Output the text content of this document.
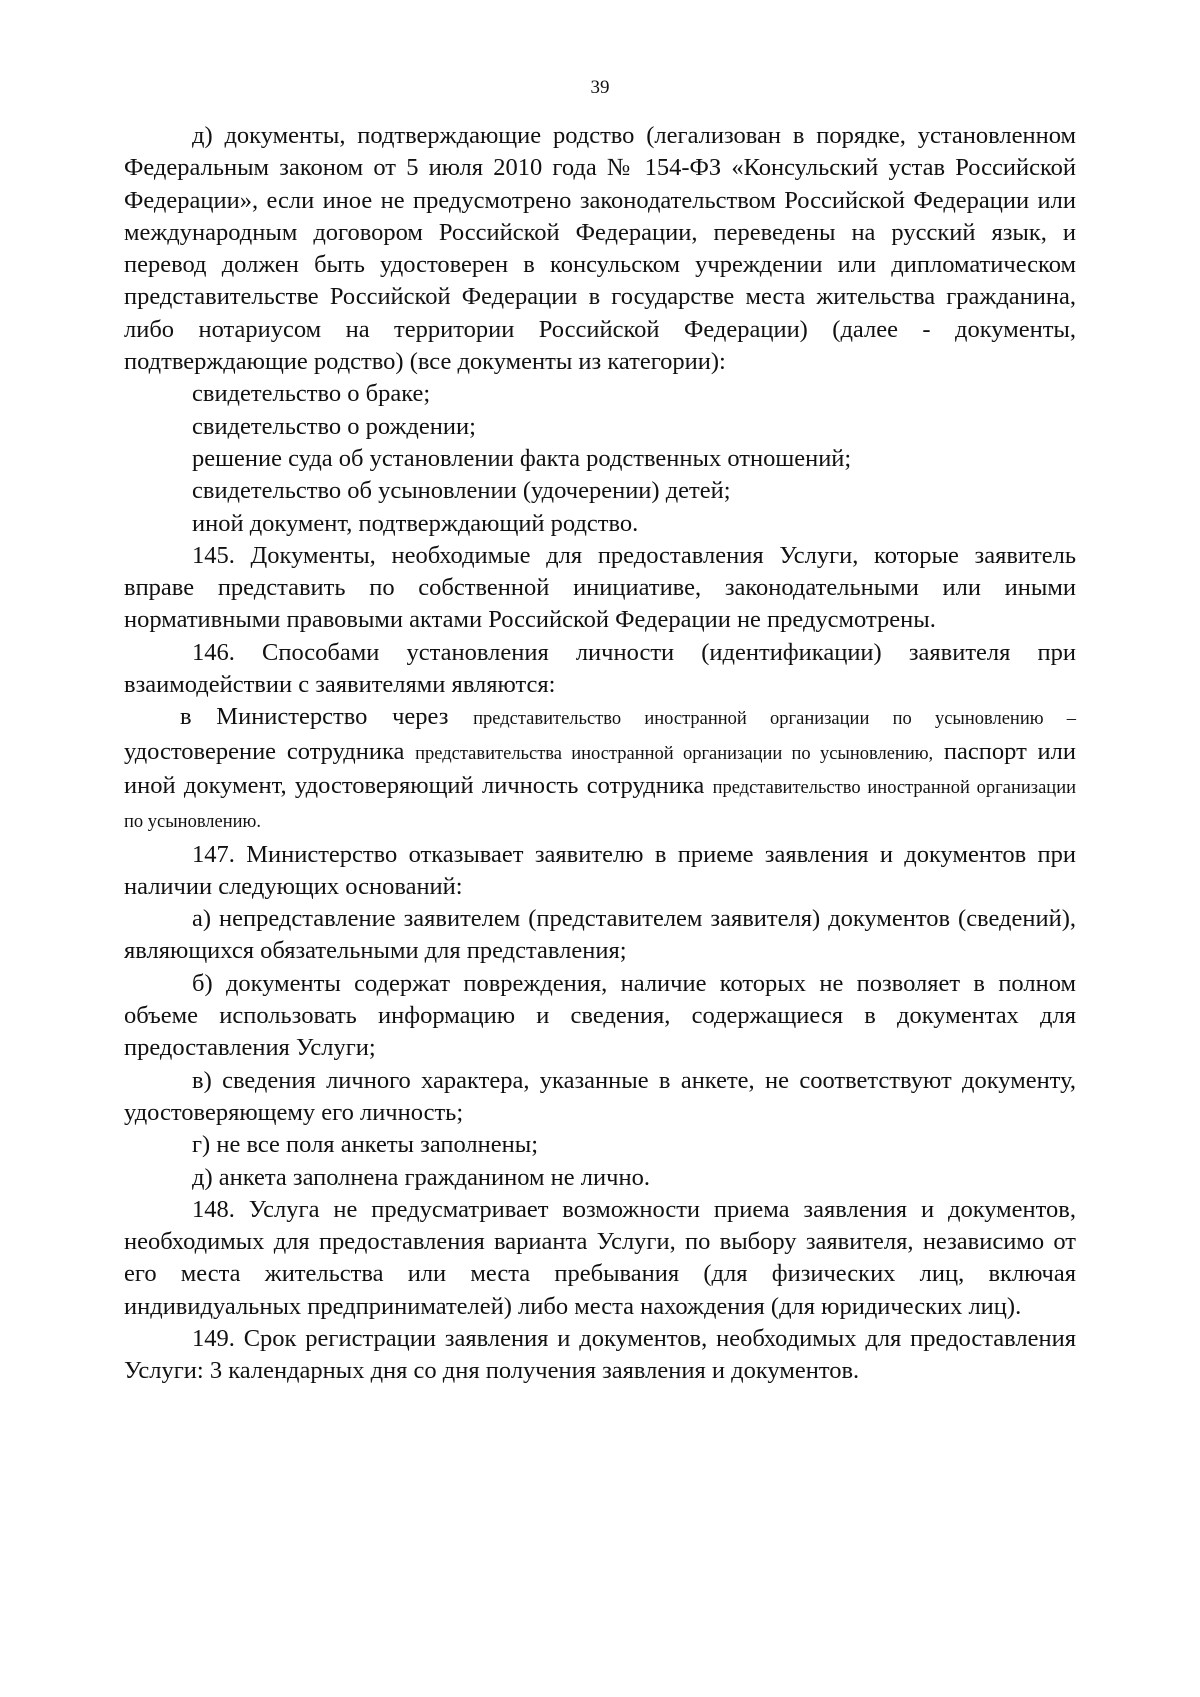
39

д) документы, подтверждающие родство (легализован в порядке, установленном Федеральным законом от 5 июля 2010 года № 154-ФЗ «Консульский устав Российской Федерации», если иное не предусмотрено законодательством Российской Федерации или международным договором Российской Федерации, переведены на русский язык, и перевод должен быть удостоверен в консульском учреждении или дипломатическом представительстве Российской Федерации в государстве места жительства гражданина, либо нотариусом на территории Российской Федерации) (далее - документы, подтверждающие родство) (все документы из категории):

свидетельство о браке;

свидетельство о рождении;

решение суда об установлении факта родственных отношений;

свидетельство об усыновлении (удочерении) детей;

иной документ, подтверждающий родство.

145. Документы, необходимые для предоставления Услуги, которые заявитель вправе представить по собственной инициативе, законодательными или иными нормативными правовыми актами Российской Федерации не предусмотрены.

146. Способами установления личности (идентификации) заявителя при взаимодействии с заявителями являются:

в Министерство через представительство иностранной организации по усыновлению – удостоверение сотрудника представительства иностранной организации по усыновлению, паспорт или иной документ, удостоверяющий личность сотрудника представительство иностранной организации по усыновлению.

147. Министерство отказывает заявителю в приеме заявления и документов при наличии следующих оснований:

а) непредставление заявителем (представителем заявителя) документов (сведений), являющихся обязательными для представления;

б) документы содержат повреждения, наличие которых не позволяет в полном объеме использовать информацию и сведения, содержащиеся в документах для предоставления Услуги;

в) сведения личного характера, указанные в анкете, не соответствуют документу, удостоверяющему его личность;

г) не все поля анкеты заполнены;

д) анкета заполнена гражданином не лично.

148. Услуга не предусматривает возможности приема заявления и документов, необходимых для предоставления варианта Услуги, по выбору заявителя, независимо от его места жительства или места пребывания (для физических лиц, включая индивидуальных предпринимателей) либо места нахождения (для юридических лиц).

149. Срок регистрации заявления и документов, необходимых для предоставления Услуги: 3 календарных дня со дня получения заявления и документов.
